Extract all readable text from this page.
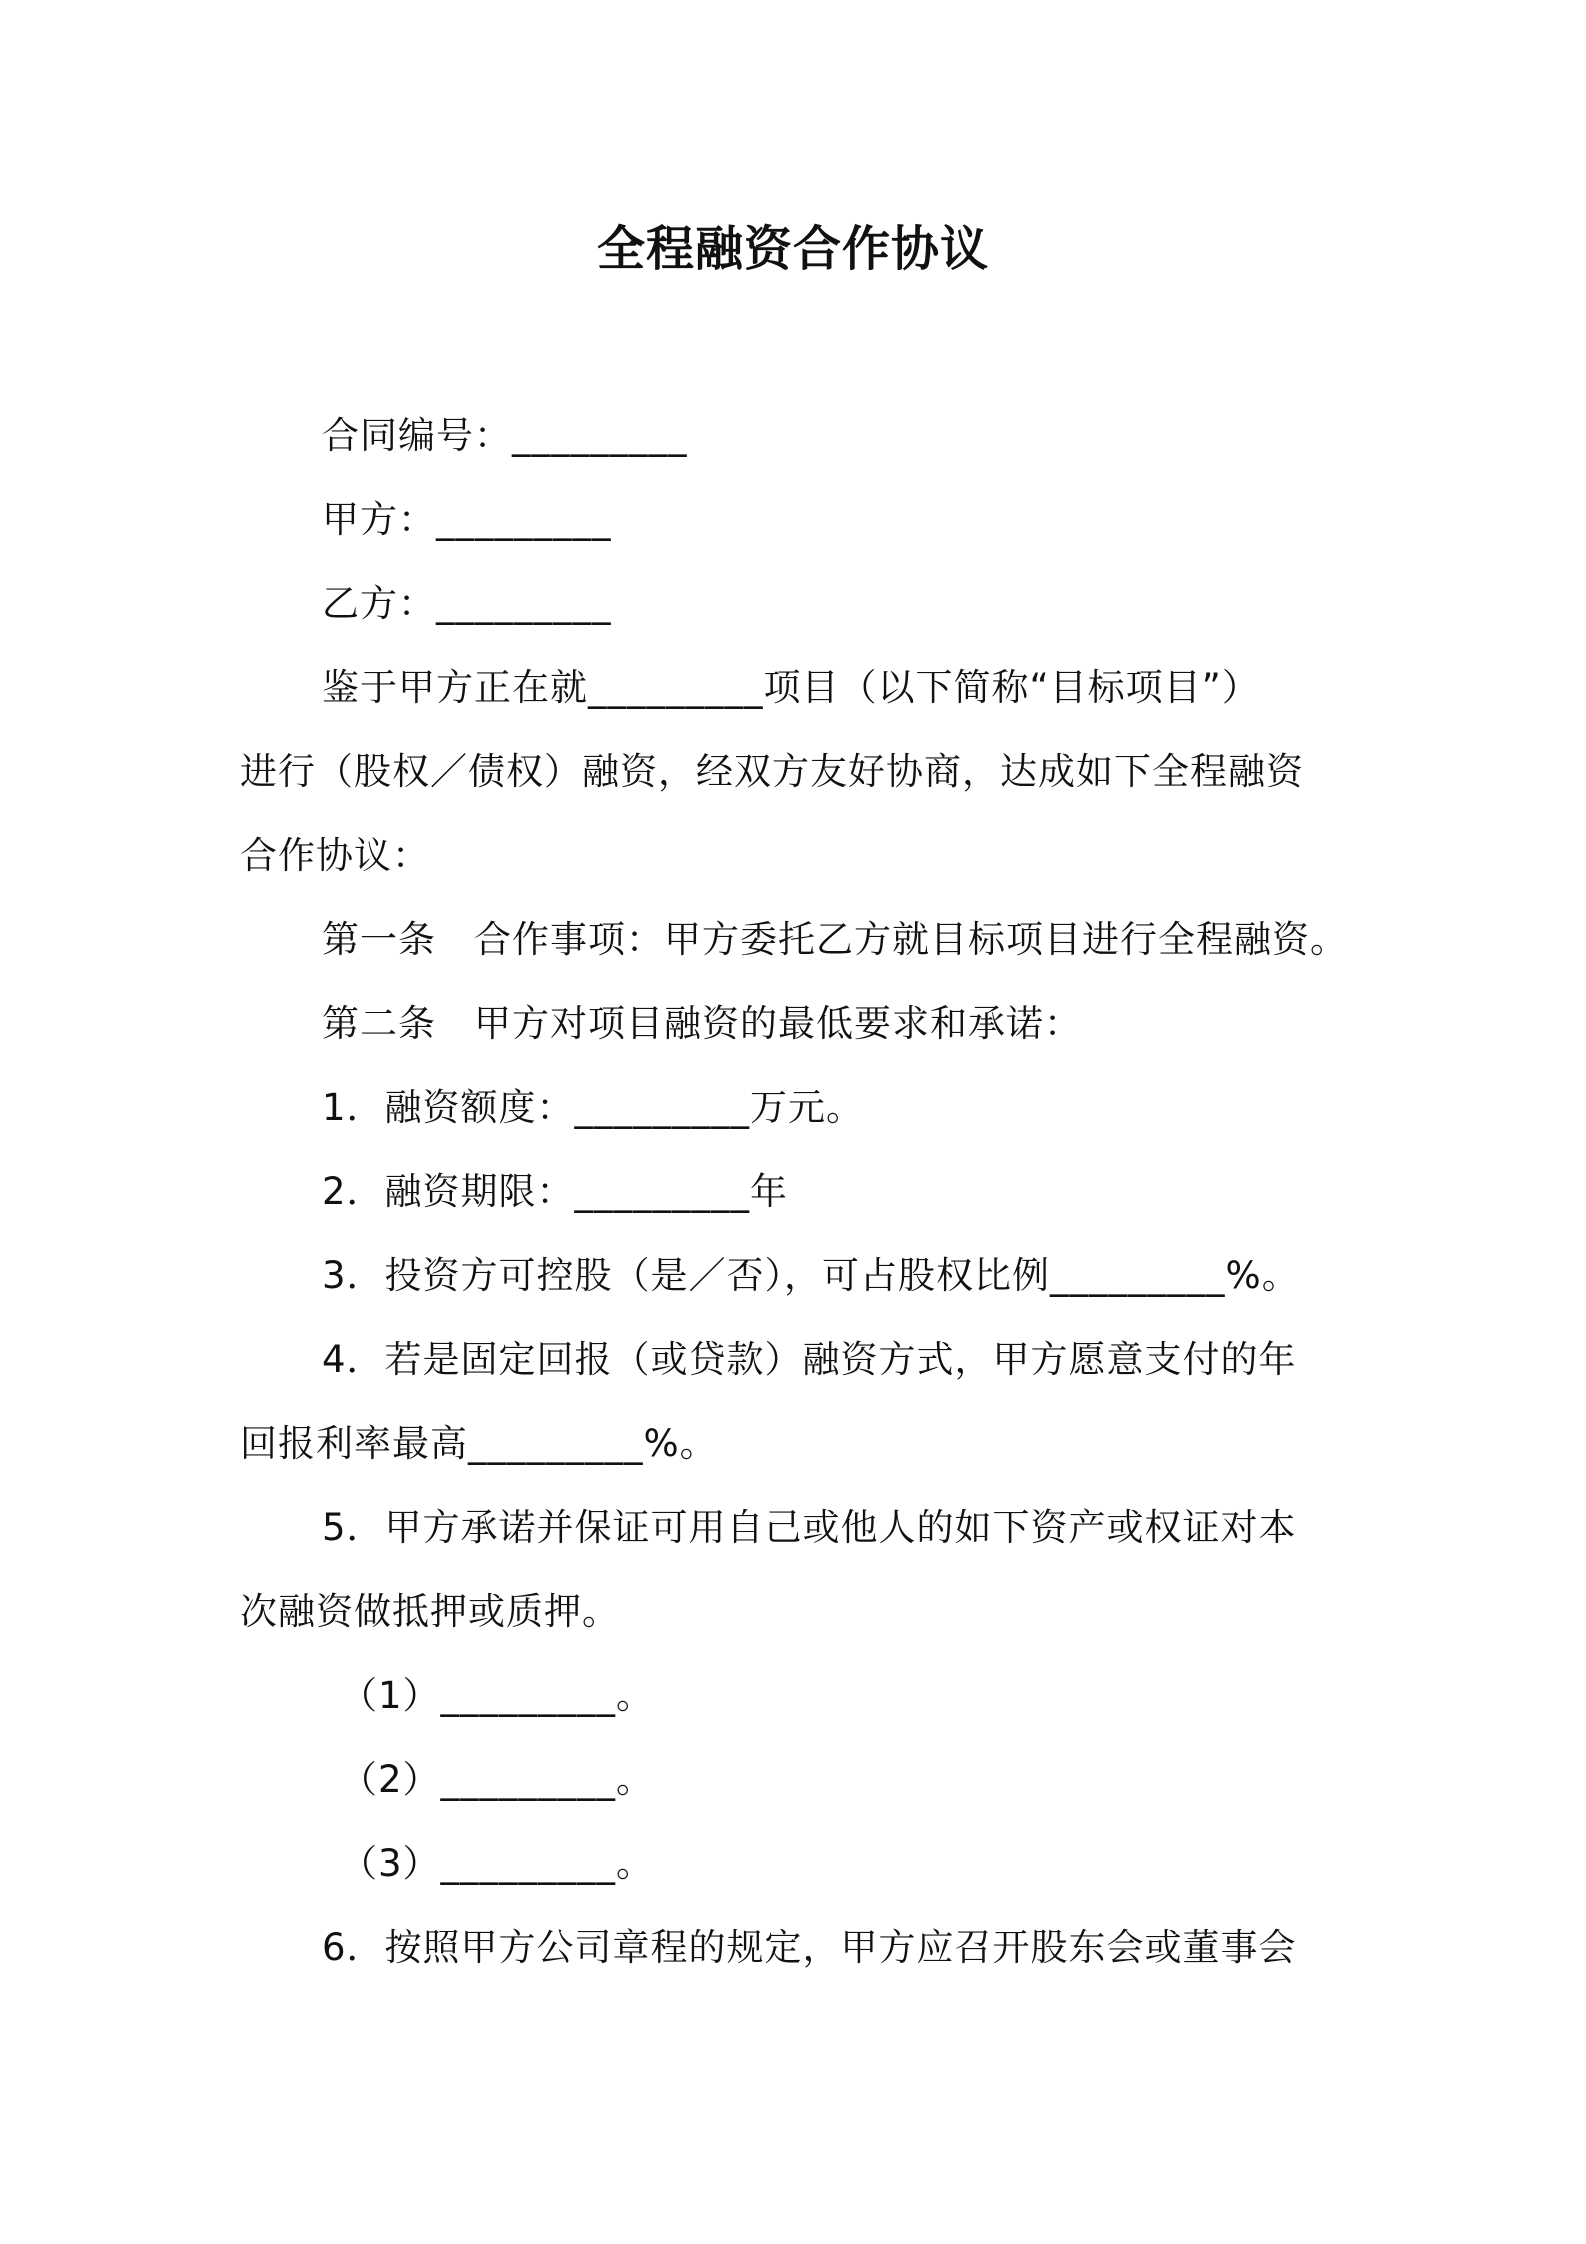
全程融资合作协议
合同编号：_________
甲方：_________
乙方：_________
鉴于甲方正在就_________项目（以下简称“目标项目”）
进行（股权／债权）融资，经双方友好协商，达成如下全程融资
合作协议：
第一条　合作事项：甲方委托乙方就目标项目进行全程融资。
第二条　甲方对项目融资的最低要求和承诺：
1．融资额度：_________万元。
2．融资期限：_________年
3．投资方可控股（是／否），可占股权比例_________%。
4．若是固定回报（或贷款）融资方式，甲方愿意支付的年
回报利率最高_________%。
5．甲方承诺并保证可用自己或他人的如下资产或权证对本
次融资做抵押或质押。
（1）_________。
（2）_________。
（3）_________。
6．按照甲方公司章程的规定，甲方应召开股东会或董事会
